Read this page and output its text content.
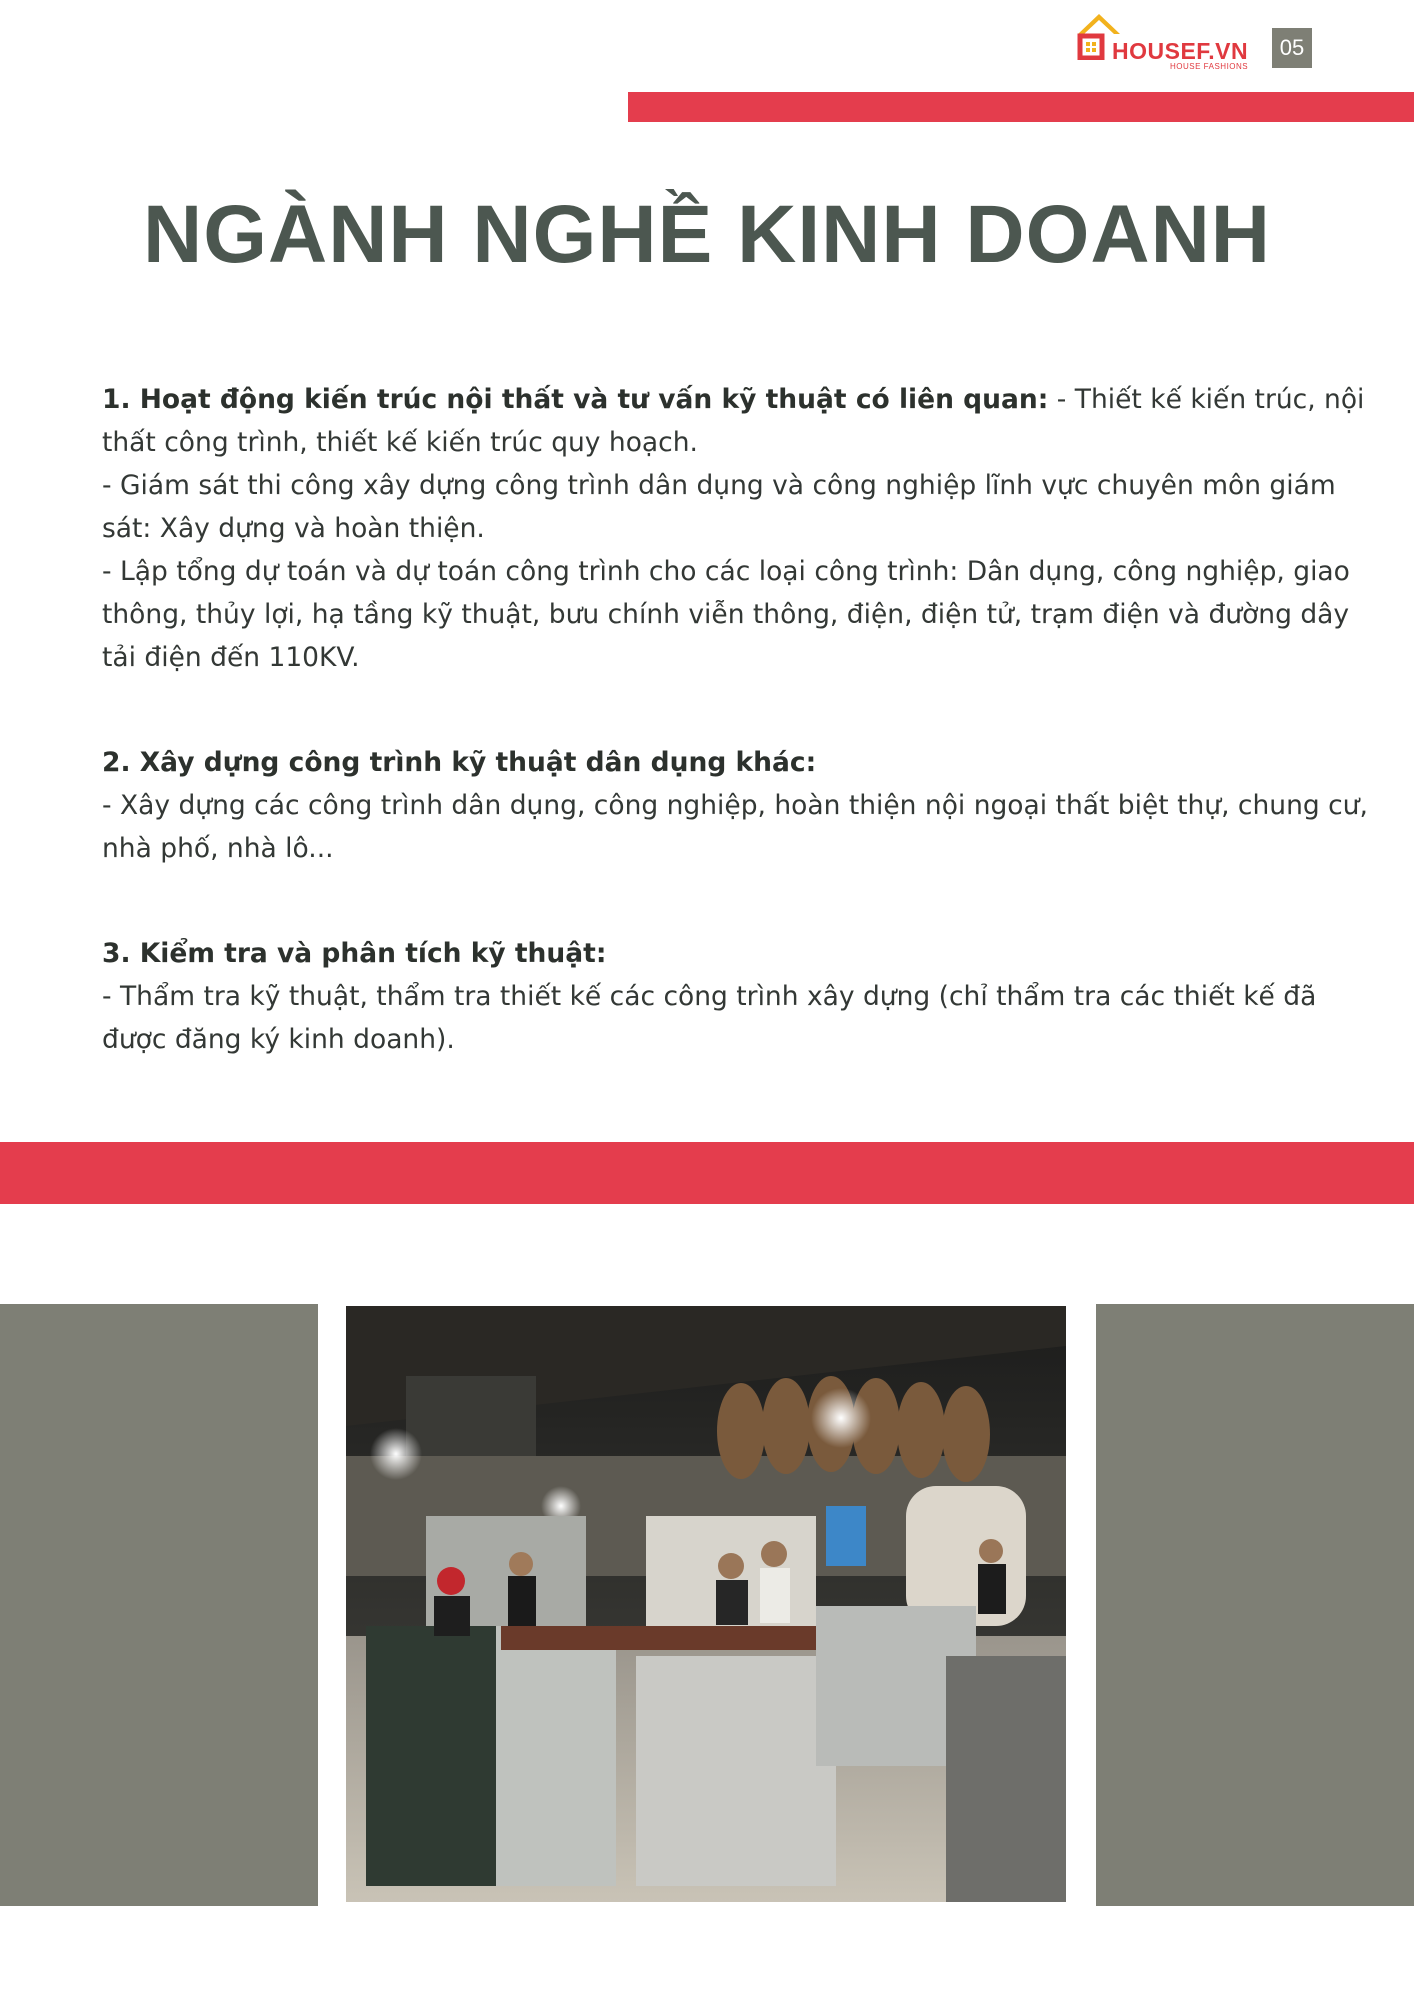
HOUSEF.VN
HOUSE FASHIONS
05
NGÀNH NGHỀ KINH DOANH

1. Hoạt động kiến trúc nội thất và tư vấn kỹ thuật có liên quan: - Thiết kế kiến trúc, nội thất công trình, thiết kế kiến trúc quy hoạch.

- Giám sát thi công xây dựng công trình dân dụng và công nghiệp lĩnh vực chuyên môn giám sát: Xây dựng và hoàn thiện.

- Lập tổng dự toán và dự toán công trình cho các loại công trình: Dân dụng, công nghiệp, giao thông, thủy lợi, hạ tầng kỹ thuật, bưu chính viễn thông, điện, điện tử, trạm điện và đường dây tải điện đến 110KV.

2. Xây dựng công trình kỹ thuật dân dụng khác:

- Xây dựng các công trình dân dụng, công nghiệp, hoàn thiện nội ngoại thất biệt thự, chung cư, nhà phố, nhà lô...

3. Kiểm tra và phân tích kỹ thuật:

- Thẩm tra kỹ thuật, thẩm tra thiết kế các công trình xây dựng (chỉ thẩm tra các thiết kế đã được đăng ký kinh doanh).
